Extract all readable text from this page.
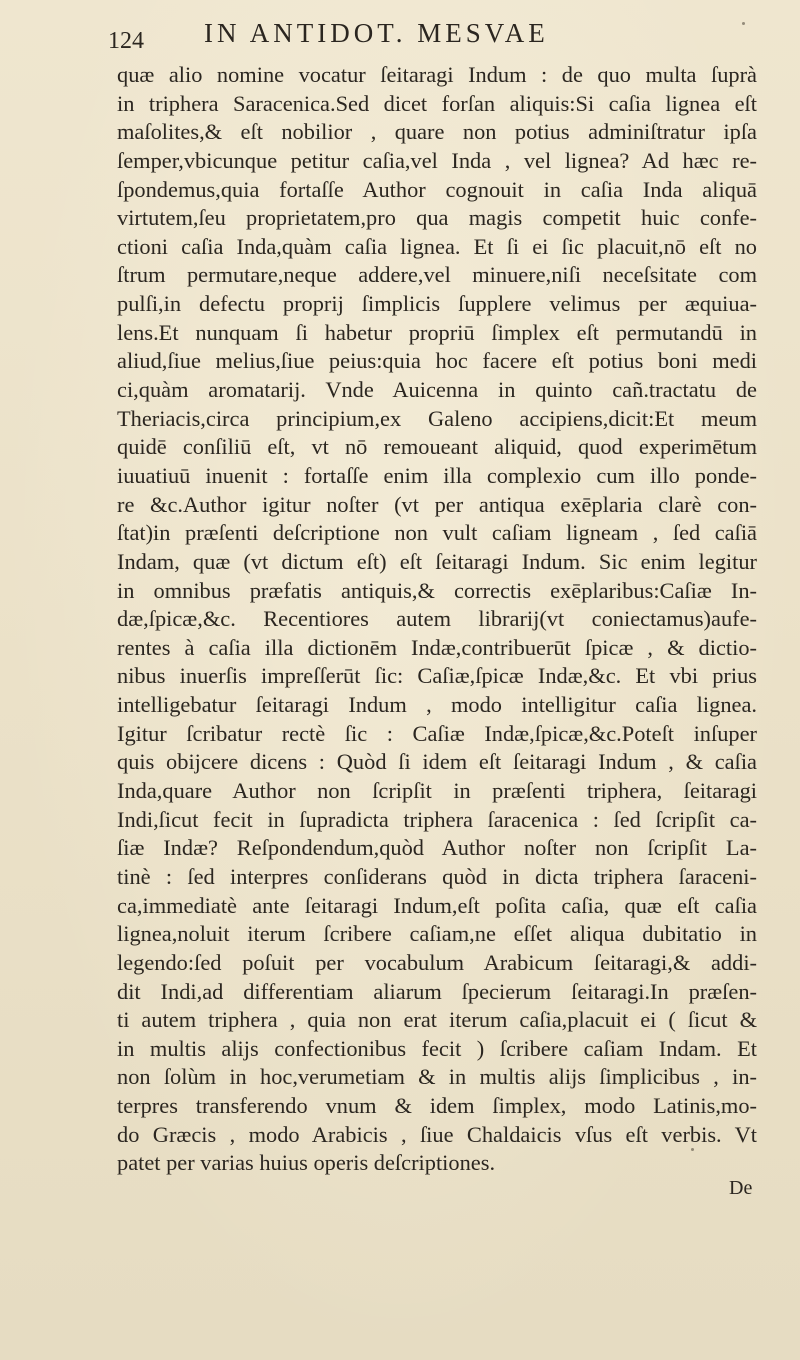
124 IN ANTIDOT. MESVAE
quæ alio nomine vocatur ſeitaragi Indum : de quo multa ſuprà
in triphera Saracenica.Sed dicet forſan aliquis:Si caſia lignea eſt
maſolites,& eſt nobilior , quare non potius adminiſtratur ipſa
ſemper,vbicunque petitur caſia,vel Inda , vel lignea? Ad hæc re-
ſpondemus,quia fortaſſe Author cognouit in caſia Inda aliquā
virtutem,ſeu proprietatem,pro qua magis competit huic confe-
ctioni caſia Inda,quàm caſia lignea. Et ſi ei ſic placuit,nō eſt no
ſtrum permutare,neque addere,vel minuere,niſi neceſsitate com
pulſi,in defectu proprij ſimplicis ſupplere velimus per æquiua-
lens.Et nunquam ſi habetur propriū ſimplex eſt permutandū in
aliud,ſiue melius,ſiue peius:quia hoc facere eſt potius boni medi
ci,quàm aromatarij. Vnde Auicenna in quinto cañ.tractatu de
Theriacis,circa principium,ex Galeno accipiens,dicit:Et meum
quidē conſiliū eſt, vt nō remoueant aliquid, quod experimētum
iuuatiuū inuenit : fortaſſe enim illa complexio cum illo ponde-
re &c.Author igitur noſter (vt per antiqua exēplaria clarè con-
ſtat)in præſenti deſcriptione non vult caſiam ligneam , ſed caſiā
Indam, quæ (vt dictum eſt) eſt ſeitaragi Indum. Sic enim legitur
in omnibus præfatis antiquis,& correctis exēplaribus:Caſiæ In-
dæ,ſpicæ,&c. Recentiores autem librarij(vt coniectamus)aufe-
rentes à caſia illa dictionēm Indæ,contribuerūt ſpicæ , & dictio-
nibus inuerſis impreſſerūt ſic: Caſiæ,ſpicæ Indæ,&c. Et vbi prius
intelligebatur ſeitaragi Indum , modo intelligitur caſia lignea.
Igitur ſcribatur rectè ſic : Caſiæ Indæ,ſpicæ,&c.Poteſt inſuper
quis obijcere dicens : Quòd ſi idem eſt ſeitaragi Indum , & caſia
Inda,quare Author non ſcripſit in præſenti triphera, ſeitaragi
Indi,ſicut fecit in ſupradicta triphera ſaracenica : ſed ſcripſit ca-
ſiæ Indæ? Reſpondendum,quòd Author noſter non ſcripſit La-
tinè : ſed interpres conſiderans quòd in dicta triphera ſaraceni-
ca,immediatè ante ſeitaragi Indum,eſt poſita caſia, quæ eſt caſia
lignea,noluit iterum ſcribere caſiam,ne eſſet aliqua dubitatio in
legendo:ſed poſuit per vocabulum Arabicum ſeitaragi,& addi-
dit Indi,ad differentiam aliarum ſpecierum ſeitaragi.In præſen-
ti autem triphera , quia non erat iterum caſia,placuit ei ( ſicut &
in multis alijs confectionibus fecit ) ſcribere caſiam Indam. Et
non ſolùm in hoc,verumetiam & in multis alijs ſimplicibus , in-
terpres transferendo vnum & idem ſimplex, modo Latinis,mo-
do Græcis , modo Arabicis , ſiue Chaldaicis vſus eſt verbis. Vt
patet per varias huius operis deſcriptiones.
De
